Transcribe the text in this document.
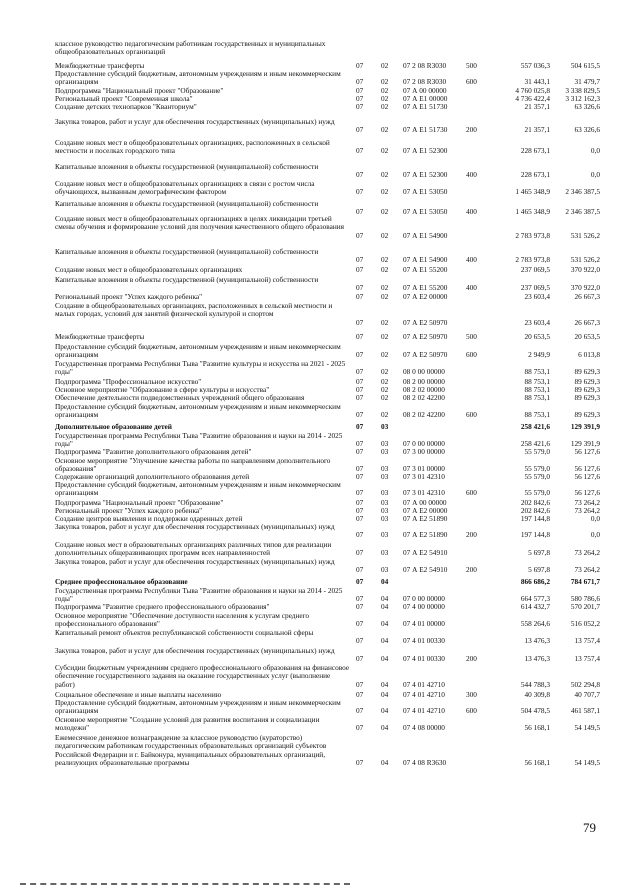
классное руководство педагогическим работникам государственных и муниципальных общеобразовательных организаций
Межбюджетные трансферты	07 02 07 2 08 R3030	500	557 036,3	504 615,5
Предоставление субсидий бюджетным, автономным учреждениям и иным некоммерческим организациям	07 02 07 2 08 R3030	600	31 443,1	31 479,7
Подпрограмма "Национальный проект "Образование"	07 02 07 А 00 00000	4 760 025,8	3 338 829,5
Региональный проект "Современная школа"	07 02 07 А Е1 00000	4 736 422,4	3 312 162,3
Создание детских технопарков "Кванториум"	07 02 07 А Е1 51730	21 357,1	63 326,6
Закупка товаров, работ и услуг для обеспечения государственных (муниципальных) нужд
07 02 07 А Е1 51730	200	21 357,1	63 326,6
Создание новых мест в общеобразовательных организациях, расположенных в сельской местности и поселках городского типа	07 02 07 А Е1 52300	228 673,1	0,0
Капитальные вложения в объекты государственной (муниципальной) собственности
07 02 07 А Е1 52300	400	228 673,1	0,0
Создание новых мест в общеобразовательных организациях в связи с ростом числа обучающихся, вызванным демографическим фактором	07 02 07 А Е1 53050	1 465 348,9	2 346 387,5
Капитальные вложения в объекты государственной (муниципальной) собственности
07 02 07 А Е1 53050	400	1 465 348,9	2 346 387,5
Создание новых мест в общеобразовательных организациях в целях ликвидации третьей смены обучения и формирование условий для получения качественного общего образования
07 02 07 А Е1 54900	2 783 973,8	531 526,2
Капитальные вложения в объекты государственной (муниципальной) собственности
07 02 07 А Е1 54900	400	2 783 973,8	531 526,2
Создание новых мест в общеобразовательных организациях	07 02 07 А Е1 55200	237 069,5	370 922,0
Капитальные вложения в объекты государственной (муниципальной) собственности
07 02 07 А Е1 55200	400	237 069,5	370 922,0
Региональный проект "Успех каждого ребенка"	07 02 07 А Е2 00000	23 603,4	26 667,3
Создание в общеобразовательных организациях, расположенных в сельской местности и малых городах, условий для занятий физической культурой и спортом
07 02 07 А Е2 50970	23 603,4	26 667,3
Межбюджетные трансферты	07 02 07 А Е2 50970	500	20 653,5	20 653,5
Предоставление субсидий бюджетным, автономным учреждениям и иным некоммерческим организациям	07 02 07 А Е2 50970	600	2 949,9	6 013,8
Государственная программа Республики Тыва "Развитие культуры и искусства на 2021 - 2025 годы"	07 02 08 0 00 00000	88 753,1	89 629,3
Подпрограмма "Профессиональное искусство"	07 02 08 2 00 00000	88 753,1	89 629,3
Основное мероприятие "Образование в сфере культуры и искусства"	07 02 08 2 02 00000	88 753,1	89 629,3
Обеспечение деятельности подведомственных учреждений общего образования	07 02 08 2 02 42200	88 753,1	89 629,3
Предоставление субсидий бюджетным, автономным учреждениям и иным некоммерческим организациям	07 02 08 2 02 42200	600	88 753,1	89 629,3
Дополнительное образование детей	07 03	258 421,6	129 391,9
Государственная программа Республики Тыва "Развитие образования и науки на 2014 - 2025 годы"	07 03 07 0 00 00000	258 421,6	129 391,9
Подпрограмма "Развитие дополнительного образования детей"	07 03 07 3 00 00000	55 579,0	56 127,6
Основное мероприятие "Улучшение качества работы по направлениям дополнительного образования"	07 03 07 3 01 00000	55 579,0	56 127,6
Содержание организаций дополнительного образования детей	07 03 07 3 01 42310	55 579,0	56 127,6
Предоставление субсидий бюджетным, автономным учреждениям и иным некоммерческим организациям	07 03 07 3 01 42310	600	55 579,0	56 127,6
Подпрограмма "Национальный проект "Образование"	07 03 07 А 00 00000	202 842,6	73 264,2
Региональный проект "Успех каждого ребенка"	07 03 07 А Е2 00000	202 842,6	73 264,2
Создание центров выявления и поддержки одаренных детей	07 03 07 А Е2 51890	197 144,8	0,0
Закупка товаров, работ и услуг для обеспечения государственных (муниципальных) нужд
07 03 07 А Е2 51890	200	197 144,8	0,0
Создание новых мест в образовательных организациях различных типов для реализации дополнительных общеразвивающих программ всех направленностей	07 03 07 А Е2 54910	5 697,8	73 264,2
Закупка товаров, работ и услуг для обеспечения государственных (муниципальных) нужд
07 03 07 А Е2 54910	200	5 697,8	73 264,2
Среднее профессиональное образование	07 04	866 686,2	784 671,7
Государственная программа Республики Тыва "Развитие образования и науки на 2014 - 2025 годы"	07 04 07 0 00 00000	664 577,3	580 786,6
Подпрограмма "Развитие среднего профессионального образования"	07 04 07 4 00 00000	614 432,7	570 201,7
Основное мероприятие "Обеспечение доступности населения к услугам среднего профессионального образования"	07 04 07 4 01 00000	558 264,6	516 052,2
Капитальный ремонт объектов республиканской собственности социальной сферы
07 04 07 4 01 00330	13 476,3	13 757,4
Закупка товаров, работ и услуг для обеспечения государственных (муниципальных) нужд
07 04 07 4 01 00330	200	13 476,3	13 757,4
Субсидии бюджетным учреждениям среднего профессионального образования на финансовое обеспечение государственного задания на оказание государственных услуг (выполнение работ)	07 04 07 4 01 42710	544 788,3	502 294,8
Социальное обеспечение и иные выплаты населению	07 04 07 4 01 42710	300	40 309,8	40 707,7
Предоставление субсидий бюджетным, автономным учреждениям и иным некоммерческим организациям	07 04 07 4 01 42710	600	504 478,5	461 587,1
Основное мероприятие "Создание условий для развития воспитания и социализации молодежи"	07 04 07 4 08 00000	56 168,1	54 149,5
Ежемесячное денежное вознаграждение за классное руководство (кураторство) педагогическим работникам государственных образовательных организаций субъектов Российской Федерации и г. Байконура, муниципальных образовательных организаций, реализующих образовательные программы	07 04 07 4 08 R3630	56 168,1	54 149,5
79
